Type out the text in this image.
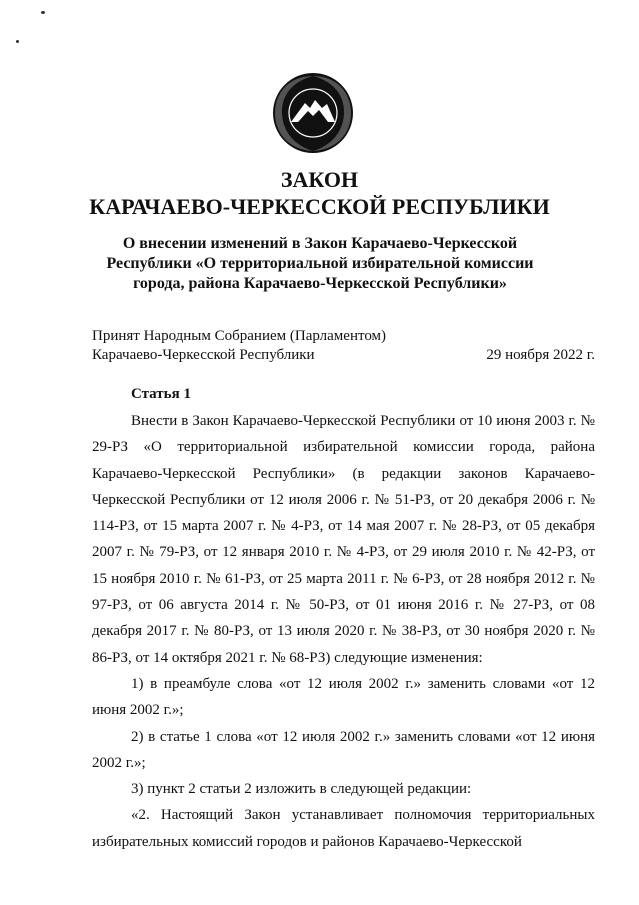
ЗАКОН
КАРАЧАЕВО-ЧЕРКЕССКОЙ РЕСПУБЛИКИ
О внесении изменений в Закон Карачаево-Черкесской
Республики «О территориальной избирательной комиссии
города, района Карачаево-Черкесской Республики»
Принят Народным Собранием (Парламентом)
Карачаево-Черкесской Республики	29 ноября 2022 г.
Статья 1

Внести в Закон Карачаево-Черкесской Республики от 10 июня 2003 г. № 29-РЗ «О территориальной избирательной комиссии города, района Карачаево-Черкесской Республики» (в редакции законов Карачаево-Черкесской Республики от 12 июля 2006 г. № 51-РЗ, от 20 декабря 2006 г. № 114-РЗ, от 15 марта 2007 г. № 4-РЗ, от 14 мая 2007 г. № 28-РЗ, от 05 декабря 2007 г. № 79-РЗ, от 12 января 2010 г. № 4-РЗ, от 29 июля 2010 г. № 42-РЗ, от 15 ноября 2010 г. № 61-РЗ, от 25 марта 2011 г. № 6-РЗ, от 28 ноября 2012 г. № 97-РЗ, от 06 августа 2014 г. № 50-РЗ, от 01 июня 2016 г. № 27-РЗ, от 08 декабря 2017 г. № 80-РЗ, от 13 июля 2020 г. № 38-РЗ, от 30 ноября 2020 г. № 86-РЗ, от 14 октября 2021 г. № 68-РЗ) следующие изменения:

1) в преамбуле слова «от 12 июля 2002 г.» заменить словами «от 12 июня 2002 г.»;

2) в статье 1 слова «от 12 июля 2002 г.» заменить словами «от 12 июня 2002 г.»;

3) пункт 2 статьи 2 изложить в следующей редакции:

«2. Настоящий Закон устанавливает полномочия территориальных избирательных комиссий городов и районов Карачаево-Черкесской
